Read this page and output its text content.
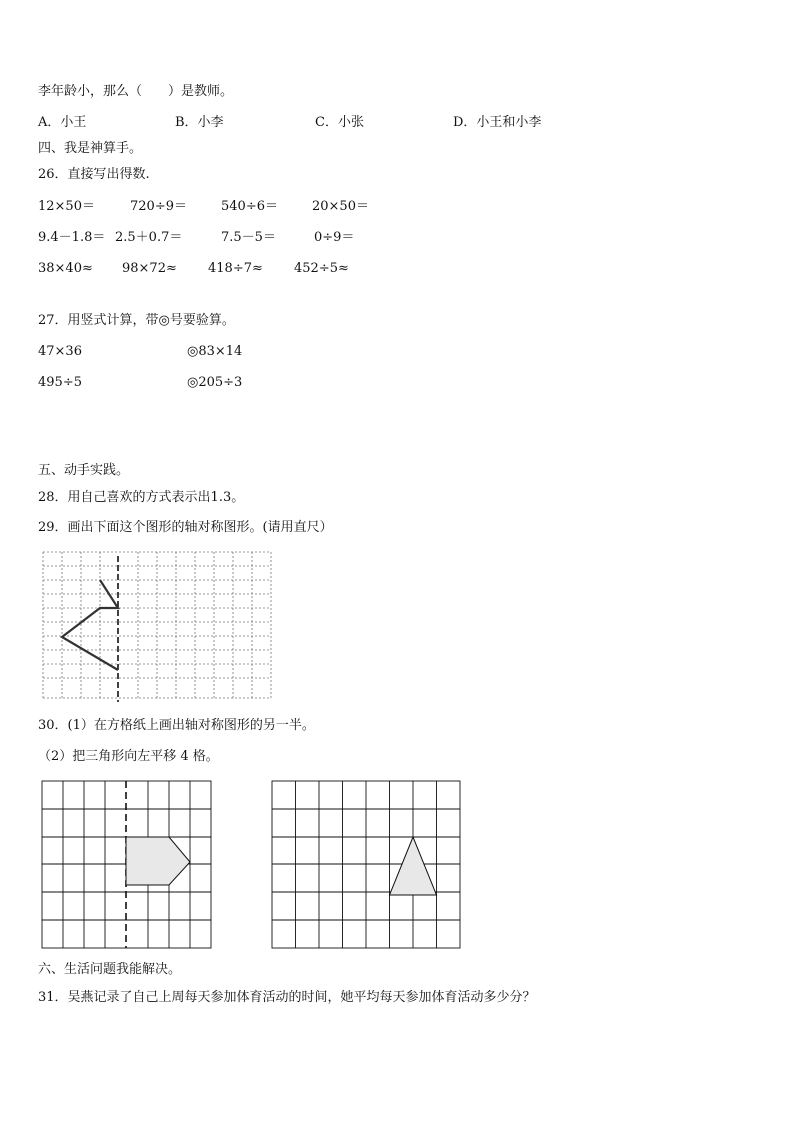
李年龄小，那么（　　）是教师。
A．小王	B．小李	C．小张	D．小王和小李
四、我是神算手。
26．直接写出得数.
12×50＝	720÷9＝	540÷6＝	20×50＝
9.4－1.8＝ 2.5＋0.7＝	7.5－5＝	0÷9＝
38×40≈ 98×72≈ 418÷7≈ 452÷5≈
27．用竖式计算，带◎号要验算。
47×36	◎83×14
495÷5	◎205÷3
五、动手实践。
28．用自己喜欢的方式表示出1.3。
29．画出下面这个图形的轴对称图形。(请用直尺）
30．(1）在方格纸上画出轴对称图形的另一半。
（2）把三角形向左平移 4 格。
六、生活问题我能解决。
31．吴燕记录了自己上周每天参加体育活动的时间，她平均每天参加体育活动多少分？
